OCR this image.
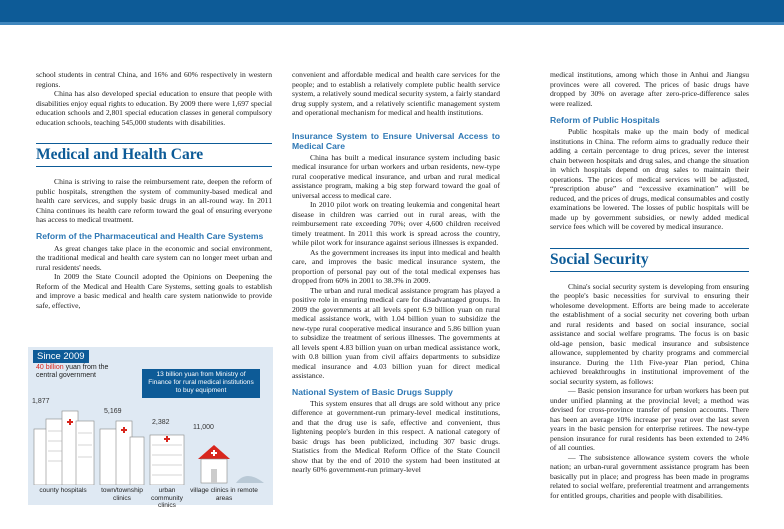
school students in central China, and 16% and 60% respectively in western regions.

China has also developed special education to ensure that people with disabilities enjoy equal rights to education. By 2009 there were 1,697 special education schools and 2,801 special education classes in general compulsory education schools, teaching 545,000 students with disabilities.

Medical and Health Care

China is striving to raise the reimbursement rate, deepen the reform of public hospitals, strengthen the system of community-based medical and health care services, and supply basic drugs in an all-round way. In 2011 China continues its health care reform toward the goal of ensuring everyone has access to medical treatment.

Reform of the Pharmaceutical and Health Care Systems

As great changes take place in the economic and social environment, the traditional medical and health care system can no longer meet urban and rural residents' needs.

In 2009 the State Council adopted the Opinions on Deepening the Reform of the Medical and Health Care Systems, setting goals to establish and improve a basic medical and health care system nationwide to provide safe, effective,

Since 2009
40 billion yuan from the
central government	13 billion yuan from Ministry of Finance for rural medical institutions to buy equipment
1,877
5,169
2,382
11,000
county hospitals	town/township clinics
urban community clinics
village clinics in remote areas

convenient and affordable medical and health care services for the people; and to establish a relatively complete public health service system, a relatively sound medical security system, a fairly standard drug supply system, and a relatively scientific management system and operational mechanism for medical and health institutions.

Insurance System to Ensure Universal Access to Medical Care

China has built a medical insurance system including basic medical insurance for urban workers and urban residents, new-type rural cooperative medical insurance, and urban and rural medical assistance program, making a big step forward toward the goal of universal access to medical care.

In 2010 pilot work on treating leukemia and congenital heart disease in children was carried out in rural areas, with the reimbursement rate exceeding 70%; over 4,600 children received timely treatment. In 2011 this work is spread across the country, while pilot work for insurance against serious illnesses is expanded.

As the government increases its input into medical and health care, and improves the basic medical insurance system, the proportion of personal pay out of the total medical expenses has dropped from 60% in 2001 to 38.3% in 2009.

The urban and rural medical assistance program has played a positive role in ensuring medical care for disadvantaged groups. In 2009 the governments at all levels spent 6.9 billion yuan on rural medical assistance work, with 1.04 billion yuan to subsidize the new-type rural cooperative medical insurance and 5.86 billion yuan to subsidize the treatment of serious illnesses. The governments at all levels spent 4.83 billion yuan on urban medical assistance work, with 0.8 billion yuan from civil affairs departments to subsidize medical insurance and 4.03 billion yuan for direct medical assistance.

National System of Basic Drugs Supply

This system ensures that all drugs are sold without any price difference at government-run primary-level medical institutions, and that the drug use is safe, effective and convenient, thus lightening people's burden in this respect. A national category of basic drugs has been publicized, including 307 basic drugs. Statistics from the Medical Reform Office of the State Council show that by the end of 2010 the system had been instituted at nearly 60% government-run primary-level

medical institutions, among which those in Anhui and Jiangsu provinces were all covered. The prices of basic drugs have dropped by 30% on average after zero-price-difference sales were realized.

Reform of Public Hospitals

Public hospitals make up the main body of medical institutions in China. The reform aims to gradually reduce their adding a certain percentage to drug prices, sever the interest chain between hospitals and drug sales, and change the situation in which hospitals depend on drug sales to maintain their operations. The prices of medical services will be adjusted, “prescription abuse” and “excessive examination” will be reduced, and the prices of drugs, medical consumables and costly examinations be lowered. The losses of public hospitals will be made up by government subsidies, or newly added medical service fees which will be covered by medical insurance.

Social Security

China's social security system is developing from ensuring the people's basic necessities for survival to ensuring their wholesome development. Efforts are being made to accelerate the establishment of a social security net covering both urban and rural residents and based on social insurance, social assistance and social welfare programs. The focus is on basic old-age pension, basic medical insurance and subsistence allowance, supplemented by charity programs and commercial insurance. During the 11th Five-year Plan period, China achieved breakthroughs in institutional improvement of the social security system, as follows:

— Basic pension insurance for urban workers has been put under unified planning at the provincial level; a method was devised for cross-province transfer of pension accounts. There has been an average 10% increase per year over the last seven years in the basic pension for enterprise retirees. The new-type pension insurance for rural residents has been extended to 24% of all counties.

— The subsistence allowance system covers the whole nation; an urban-rural government assistance program has been basically put in place; and progress has been made in programs related to social welfare, preferential treatment and arrangements for entitled groups, charities and people with disabilities.
